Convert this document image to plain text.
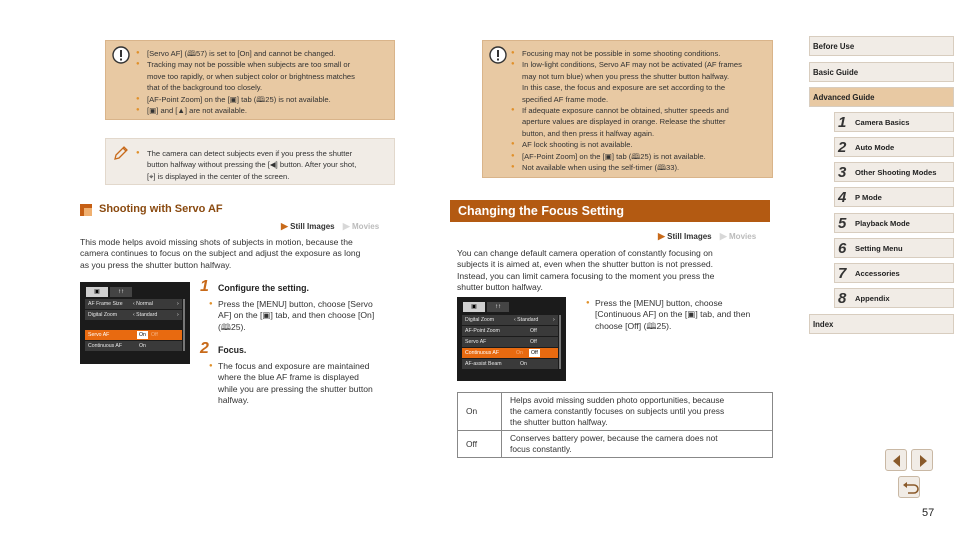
● [Servo AF] (🕮57) is set to [On] and cannot be changed.
● Tracking may not be possible when subjects are too small or
move too rapidly, or when subject color or brightness matches
that of the background too closely.
● [AF-Point Zoom] on the [▣] tab (🕮25) is not available.
● [▣] and [▲] are not available.
● The camera can detect subjects even if you press the shutter
button halfway without pressing the [◀] button. After your shot,
[⌖] is displayed in the center of the screen.
● Focusing may not be possible in some shooting conditions.
● In low-light conditions, Servo AF may not be activated (AF frames
may not turn blue) when you press the shutter button halfway.
In this case, the focus and exposure are set according to the
specified AF frame mode.
● If adequate exposure cannot be obtained, shutter speeds and
aperture values are displayed in orange. Release the shutter
button, and then press it halfway again.
● AF lock shooting is not available.
● [AF-Point Zoom] on the [▣] tab (🕮25) is not available.
● Not available when using the self-timer (🕮33).
Shooting with Servo AF
▶ Still Images ▶ Movies
This mode helps avoid missing shots of subjects in motion, because the
camera continues to focus on the subject and adjust the exposure as long
as you press the shutter button halfway.
▣	↑↑
AF Frame Size ‹ Normal	›
Digital Zoom	‹ Standard	›
Servo AF	On Off
Continuous AF	On
1 Configure the setting.
● Press the [MENU] button, choose [Servo
AF] on the [▣] tab, and then choose [On]
(🕮25).
2 Focus.
● The focus and exposure are maintained
where the blue AF frame is displayed
while you are pressing the shutter button
halfway.
Changing the Focus Setting
▶ Still Images ▶ Movies
You can change default camera operation of constantly focusing on
subjects it is aimed at, even when the shutter button is not pressed.
Instead, you can limit camera focusing to the moment you press the
shutter button halfway.
▣	↑↑
Digital Zoom	‹ Standard	›
AF-Point Zoom	Off
Servo AF	Off
Continuous AF	On	Off
AF-assist Beam	On
● Press the [MENU] button, choose
[Continuous AF] on the [▣] tab, and then
choose [Off] (🕮25).
On	Helps avoid missing sudden photo opportunities, because
the camera constantly focuses on subjects until you press
the shutter button halfway.

Off	Conserves battery power, because the camera does not
focus constantly.
Before Use
Basic Guide
Advanced Guide
1 Camera Basics
2 Auto Mode
3 Other Shooting Modes
4 P Mode
5 Playback Mode
6 Setting Menu
7 Accessories
8 Appendix
Index
57
